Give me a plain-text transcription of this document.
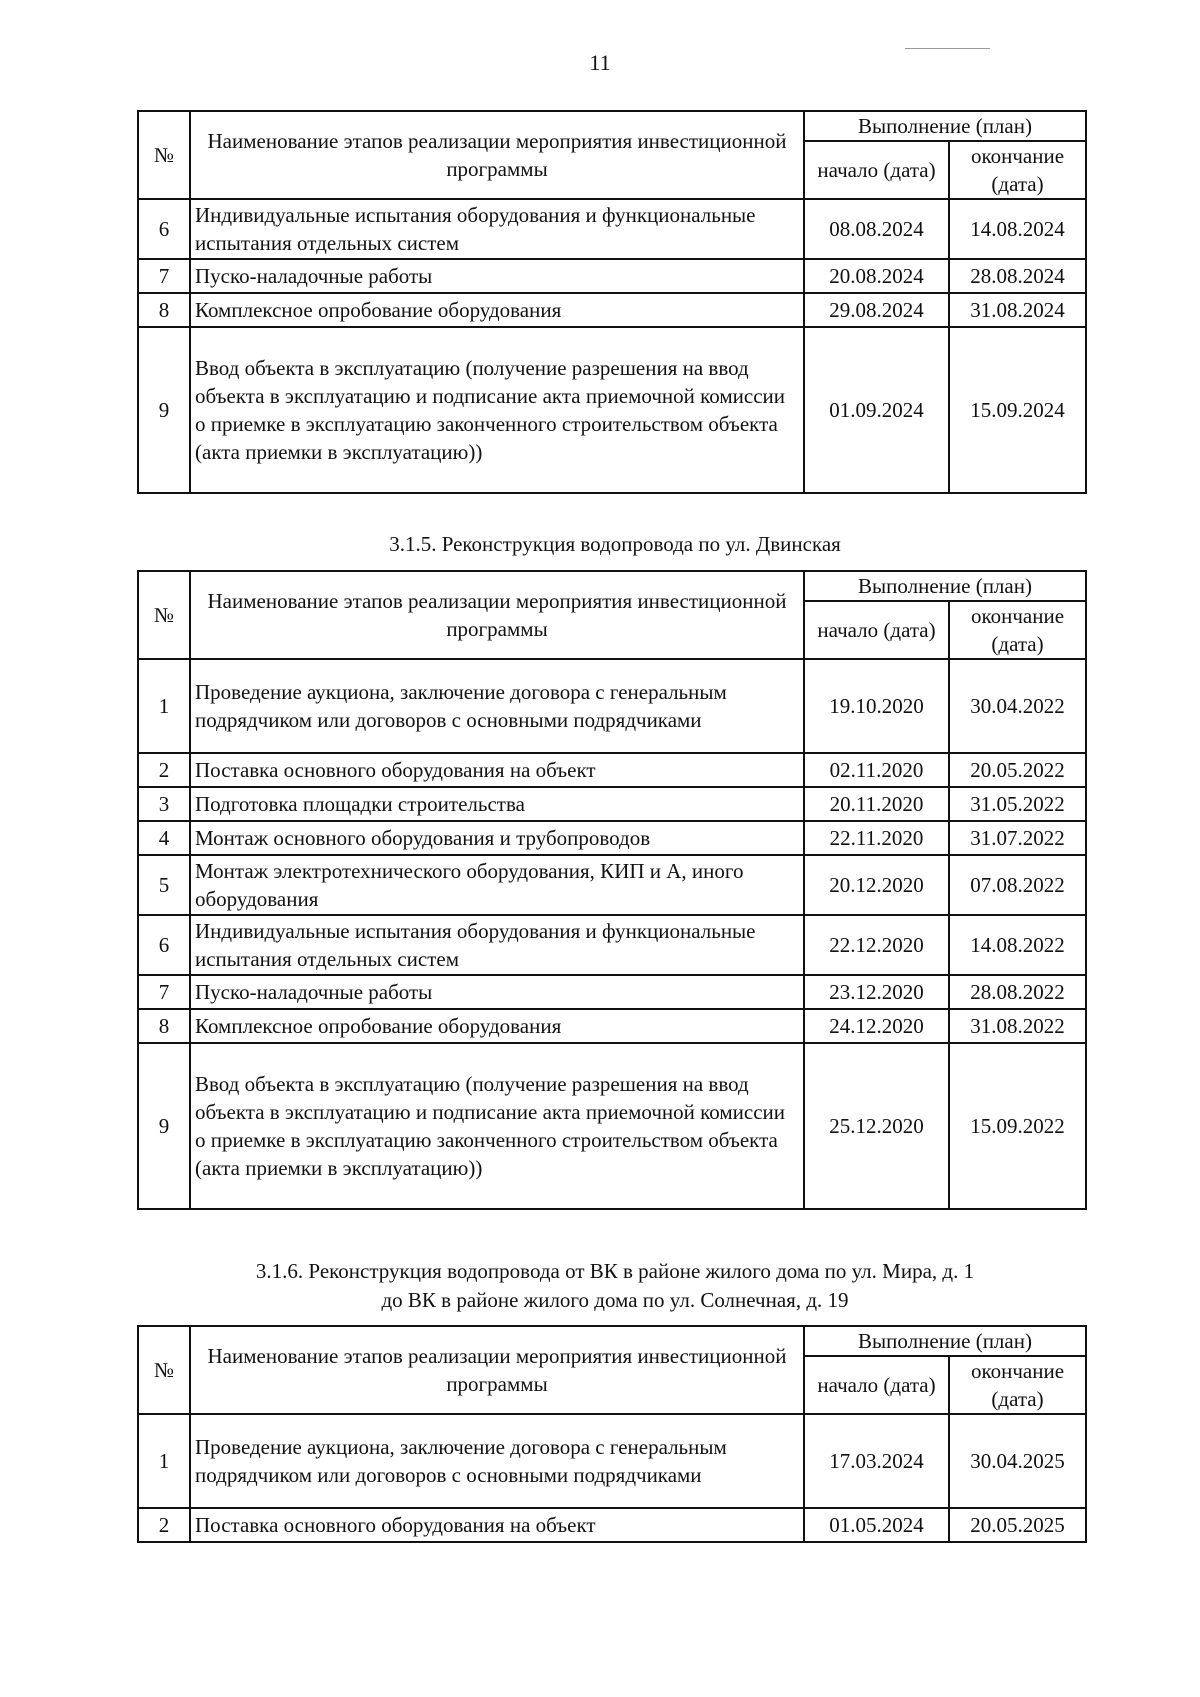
11
№	Наименование этапов реализации мероприятия инвестиционной программы	Выполнение (план)	
		начало (дата)	окончание (дата)
6	Индивидуальные испытания оборудования и функциональные испытания отдельных систем	08.08.2024	14.08.2024
7	Пуско-наладочные работы	20.08.2024	28.08.2024
8	Комплексное опробование оборудования	29.08.2024	31.08.2024
9	Ввод объекта в эксплуатацию (получение разрешения на ввод объекта в эксплуатацию и подписание акта приемочной комиссии о приемке в эксплуатацию законченного строительством объекта (акта приемки в эксплуатацию))	01.09.2024	15.09.2024
3.1.5. Реконструкция водопровода по ул. Двинская
№	Наименование этапов реализации мероприятия инвестиционной программы	Выполнение (план)	
		начало (дата)	окончание (дата)
1	Проведение аукциона, заключение договора с генеральным подрядчиком или договоров с основными подрядчиками	19.10.2020	30.04.2022
2	Поставка основного оборудования на объект	02.11.2020	20.05.2022
3	Подготовка площадки строительства	20.11.2020	31.05.2022
4	Монтаж основного оборудования и трубопроводов	22.11.2020	31.07.2022
5	Монтаж электротехнического оборудования, КИП и А, иного оборудования	20.12.2020	07.08.2022
6	Индивидуальные испытания оборудования и функциональные испытания отдельных систем	22.12.2020	14.08.2022
7	Пуско-наладочные работы	23.12.2020	28.08.2022
8	Комплексное опробование оборудования	24.12.2020	31.08.2022
9	Ввод объекта в эксплуатацию (получение разрешения на ввод объекта в эксплуатацию и подписание акта приемочной комиссии о приемке в эксплуатацию законченного строительством объекта (акта приемки в эксплуатацию))	25.12.2020	15.09.2022
3.1.6. Реконструкция водопровода от ВК в районе жилого дома по ул. Мира, д. 1
до ВК в районе жилого дома по ул. Солнечная, д. 19
№	Наименование этапов реализации мероприятия инвестиционной программы	Выполнение (план)	
		начало (дата)	окончание (дата)
1	Проведение аукциона, заключение договора с генеральным подрядчиком или договоров с основными подрядчиками	17.03.2024	30.04.2025
2	Поставка основного оборудования на объект	01.05.2024	20.05.2025
